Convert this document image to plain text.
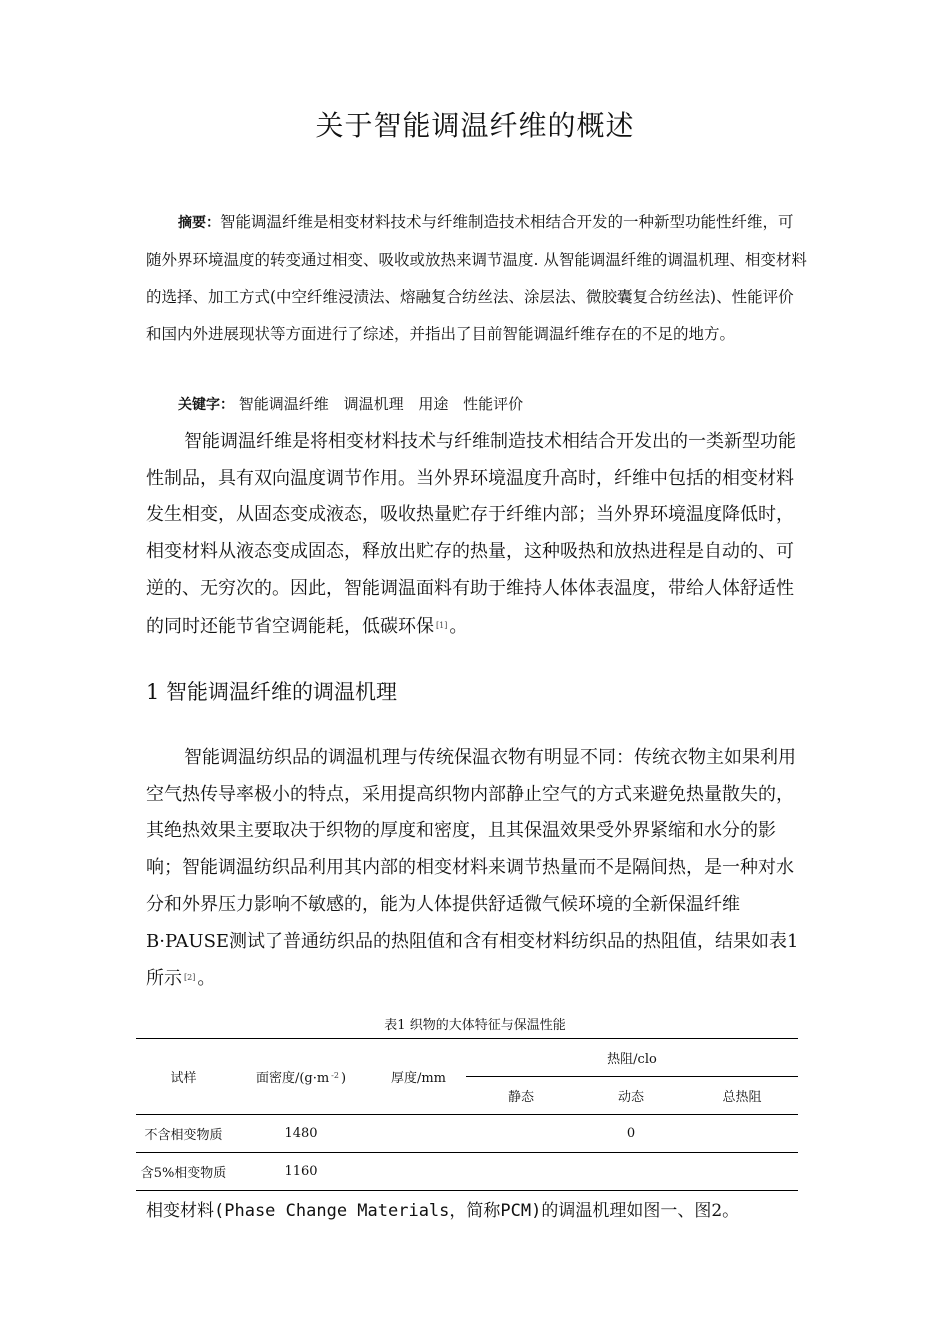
关于智能调温纤维的概述
摘要：智能调温纤维是相变材料技术与纤维制造技术相结合开发的一种新型功能性纤维，可随外界环境温度的转变通过相变、吸收或放热来调节温度. 从智能调温纤维的调温机理、相变材料的选择、加工方式(中空纤维浸渍法、熔融复合纺丝法、涂层法、微胶囊复合纺丝法)、性能评价和国内外进展现状等方面进行了综述，并指出了目前智能调温纤维存在的不足的地方。
关键字： 智能调温纤维 调温机理 用途 性能评价
智能调温纤维是将相变材料技术与纤维制造技术相结合开发出的一类新型功能性制品，具有双向温度调节作用。当外界环境温度升高时，纤维中包括的相变材料发生相变，从固态变成液态，吸收热量贮存于纤维内部；当外界环境温度降低时，相变材料从液态变成固态，释放出贮存的热量，这种吸热和放热进程是自动的、可逆的、无穷次的。因此，智能调温面料有助于维持人体体表温度，带给人体舒适性的同时还能节省空调能耗，低碳环保 [1] 。
1 智能调温纤维的调温机理
智能调温纺织品的调温机理与传统保温衣物有明显不同：传统衣物主如果利用空气热传导率极小的特点，采用提高织物内部静止空气的方式来避免热量散失的，其绝热效果主要取决于织物的厚度和密度，且其保温效果受外界紧缩和水分的影响；智能调温纺织品利用其内部的相变材料来调节热量而不是隔间热，是一种对水分和外界压力影响不敏感的，能为人体提供舒适微气候环境的全新保温纤维B·PAUSE测试了普通纺织品的热阻值和含有相变材料纺织品的热阻值，结果如表1所示 [2] 。
表1 织物的大体特征与保温性能
试样	面密度/(g·m $^{-2}$ )	厚度/mm	热阻/clo		
			静态	动态	总热阻
不含相变物质	1480			0	
含5%相变物质	1160				
相变材料(Phase Change Materials，简称PCM)的调温机理如图一、图2。
